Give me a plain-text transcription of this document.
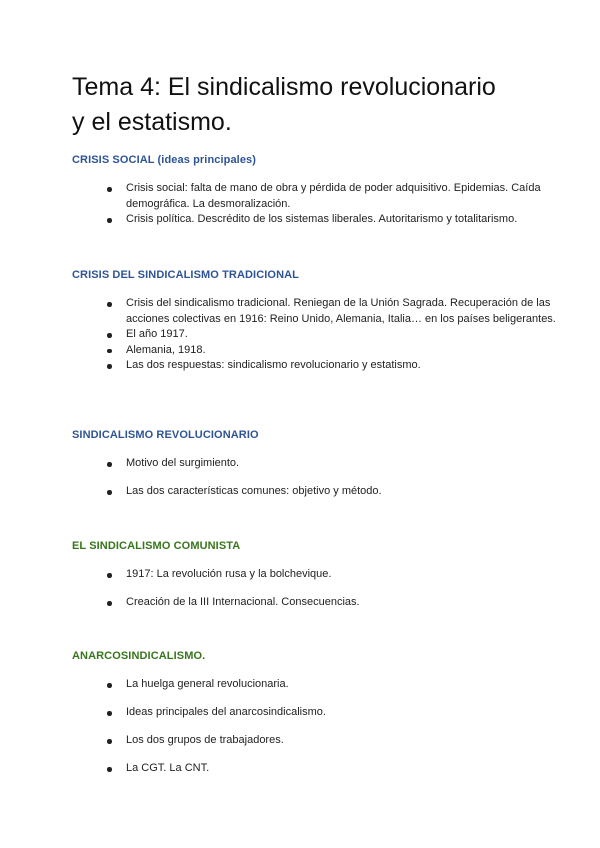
Tema 4: El sindicalismo revolucionario
y el estatismo.

CRISIS SOCIAL (ideas principales)

Crisis social: falta de mano de obra y pérdida de poder adquisitivo. Epidemias. Caída demográfica. La desmoralización.
Crisis política. Descrédito de los sistemas liberales. Autoritarismo y totalitarismo.

CRISIS DEL SINDICALISMO TRADICIONAL

Crisis del sindicalismo tradicional. Reniegan de la Unión Sagrada. Recuperación de las acciones colectivas en 1916: Reino Unido, Alemania, Italia… en los países beligerantes.
El año 1917.
Alemania, 1918.
Las dos respuestas: sindicalismo revolucionario y estatismo.

SINDICALISMO REVOLUCIONARIO

Motivo del surgimiento.
Las dos características comunes: objetivo y método.

EL SINDICALISMO COMUNISTA

1917: La revolución rusa y la bolchevique.
Creación de la III Internacional. Consecuencias.

ANARCOSINDICALISMO.

La huelga general revolucionaria.
Ideas principales del anarcosindicalismo.
Los dos grupos de trabajadores.
La CGT. La CNT.
